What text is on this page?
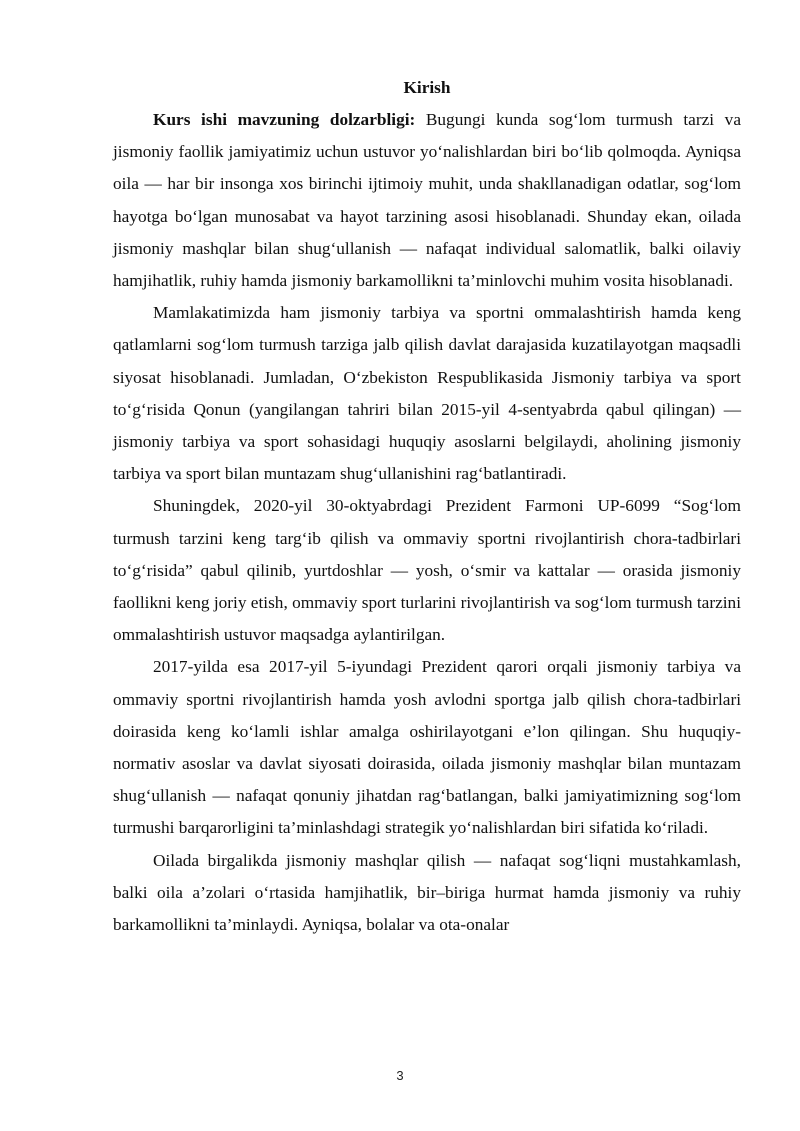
Kirish

Kurs ishi mavzuning dolzarbligi: Bugungi kunda sog‘lom turmush tarzi va jismoniy faollik jamiyatimiz uchun ustuvor yo‘nalishlardan biri bo‘lib qolmoqda. Ayniqsa oila — har bir insonga xos birinchi ijtimoiy muhit, unda shakllanadigan odatlar, sog‘lom hayotga bo‘lgan munosabat va hayot tarzining asosi hisoblanadi. Shunday ekan, oilada jismoniy mashqlar bilan shug‘ullanish — nafaqat individual salomatlik, balki oilaviy hamjihatlik, ruhiy hamda jismoniy barkamollikni ta’minlovchi muhim vosita hisoblanadi.

Mamlakatimizda ham jismoniy tarbiya va sportni ommalashtirish hamda keng qatlamlarni sog‘lom turmush tarziga jalb qilish davlat darajasida kuzatilayotgan maqsadli siyosat hisoblanadi. Jumladan, O‘zbekiston Respublikasida Jismoniy tarbiya va sport to‘g‘risida Qonun (yangilangan tahriri bilan 2015-yil 4-sentyabrda qabul qilingan) — jismoniy tarbiya va sport sohasidagi huquqiy asoslarni belgilaydi, aholining jismoniy tarbiya va sport bilan muntazam shug‘ullanishini rag‘batlantiradi.

Shuningdek, 2020-yil 30-oktyabrdagi Prezident Farmoni UP-6099 “Sog‘lom turmush tarzini keng targ‘ib qilish va ommaviy sportni rivojlantirish chora-tadbirlari to‘g‘risida” qabul qilinib, yurtdoshlar — yosh, o‘smir va kattalar — orasida jismoniy faollikni keng joriy etish, ommaviy sport turlarini rivojlantirish va sog‘lom turmush tarzini ommalashtirish ustuvor maqsadga aylantirilgan.

2017-yilda esa 2017-yil 5-iyundagi Prezident qarori orqali jismoniy tarbiya va ommaviy sportni rivojlantirish hamda yosh avlodni sportga jalb qilish chora-tadbirlari doirasida keng ko‘lamli ishlar amalga oshirilayotgani e’lon qilingan. Shu huquqiy-normativ asoslar va davlat siyosati doirasida, oilada jismoniy mashqlar bilan muntazam shug‘ullanish — nafaqat qonuniy jihatdan rag‘batlangan, balki jamiyatimizning sog‘lom turmushi barqarorligini ta’minlashdagi strategik yo‘nalishlardan biri sifatida ko‘riladi.

Oilada birgalikda jismoniy mashqlar qilish — nafaqat sog‘liqni mustahkamlash, balki oila a’zolari o‘rtasida hamjihatlik, bir–biriga hurmat hamda jismoniy va ruhiy barkamollikni ta’minlaydi. Ayniqsa, bolalar va ota-onalar

3
